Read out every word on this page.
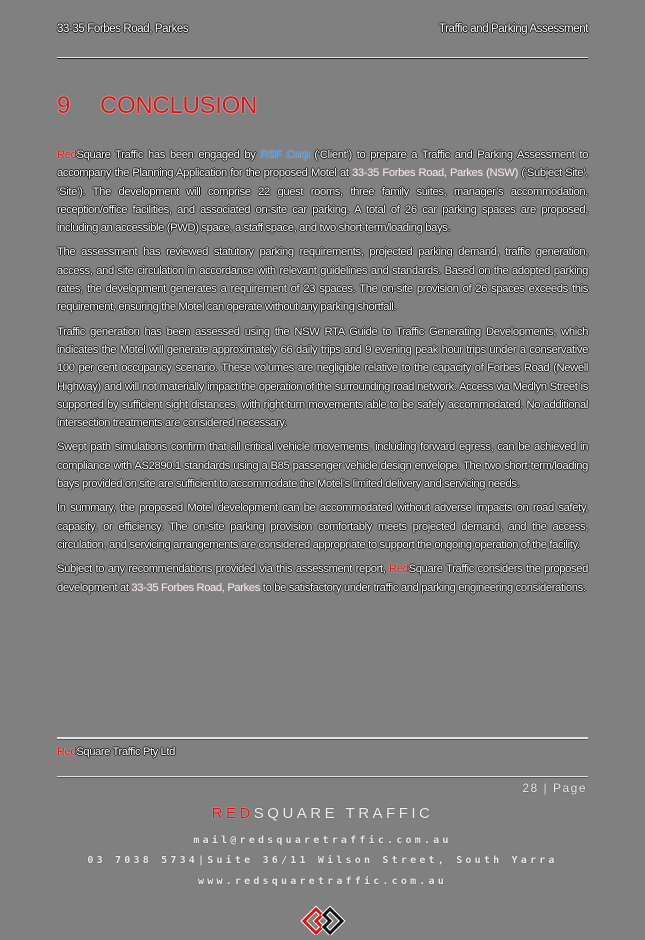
33-35 Forbes Road, Parkes	Traffic and Parking Assessment
9	CONCLUSION

RedSquare Traffic has been engaged by RSF Corp (‘Client’) to prepare a Traffic and Parking Assessment to accompany the Planning Application for the proposed Motel at 33-35 Forbes Road, Parkes (NSW) (‘Subject Site’, ‘Site’). The development will comprise 22 guest rooms, three family suites, manager’s accommodation, reception/office facilities, and associated on-site car parking. A total of 26 car parking spaces are proposed, including an accessible (PWD) space, a staff space, and two short-term/loading bays.

The assessment has reviewed statutory parking requirements, projected parking demand, traffic generation, access, and site circulation in accordance with relevant guidelines and standards. Based on the adopted parking rates, the development generates a requirement of 23 spaces. The on-site provision of 26 spaces exceeds this requirement, ensuring the Motel can operate without any parking shortfall.

Traffic generation has been assessed using the NSW RTA Guide to Traffic Generating Developments, which indicates the Motel will generate approximately 66 daily trips and 9 evening peak hour trips under a conservative 100 per cent occupancy scenario. These volumes are negligible relative to the capacity of Forbes Road (Newell Highway) and will not materially impact the operation of the surrounding road network. Access via Medlyn Street is supported by sufficient sight distances, with right-turn movements able to be safely accommodated. No additional intersection treatments are considered necessary.

Swept path simulations confirm that all critical vehicle movements, including forward egress, can be achieved in compliance with AS2890.1 standards using a B85 passenger vehicle design envelope. The two short-term/loading bays provided on site are sufficient to accommodate the Motel’s limited delivery and servicing needs.

In summary, the proposed Motel development can be accommodated without adverse impacts on road safety, capacity, or efficiency. The on-site parking provision comfortably meets projected demand, and the access, circulation, and servicing arrangements are considered appropriate to support the ongoing operation of the facility.

Subject to any recommendations provided via this assessment report, RedSquare Traffic considers the proposed development at 33-35 Forbes Road, Parkes to be satisfactory under traffic and parking engineering considerations.

RedSquare Traffic Pty Ltd
28 | Page
REDSQUARE TRAFFIC
mail@redsquaretraffic.com.au
03 7038 5734|Suite 36/11 Wilson Street, South Yarra
www.redsquaretraffic.com.au
